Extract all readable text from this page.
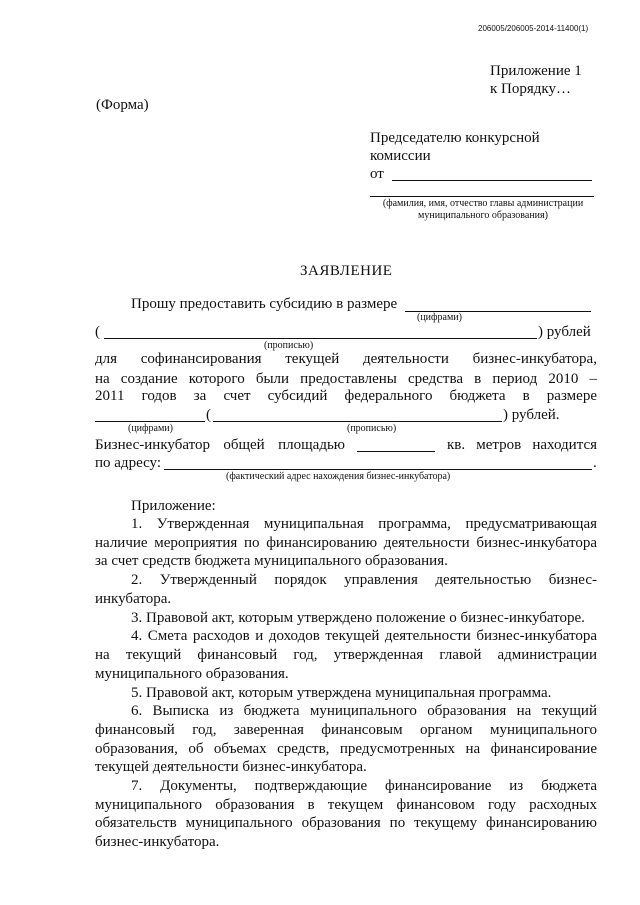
206005/206005-2014-11400(1)
Приложение 1
к Порядку…
(Форма)
Председателю конкурсной
комиссии
от
(фамилия, имя, отчество главы администрации
муниципального образования)
ЗАЯВЛЕНИЕ
Прошу предоставить субсидию в размере
(цифрами)
(	) рублей
(прописью)
для софинансирования текущей деятельности бизнес-инкубатора,
на создание которого были предоставлены средства в период 2010 –
2011 годов за счет субсидий федерального бюджета в размере
(	) рублей.
(цифрами)	(прописью)
Бизнес-инкубатор общей площадью	кв. метров находится
по адресу:	.
(фактический адрес нахождения бизнес-инкубатора)
Приложение:

1. Утвержденная муниципальная программа, предусматривающая наличие мероприятия по финансированию деятельности бизнес-инкубатора за счет средств бюджета муниципального образования.

2. Утвержденный порядок управления деятельностью бизнес-инкубатора.

3. Правовой акт, которым утверждено положение о бизнес-инкубаторе.

4. Смета расходов и доходов текущей деятельности бизнес-инкубатора на текущий финансовый год, утвержденная главой администрации муниципального образования.

5. Правовой акт, которым утверждена муниципальная программа.

6. Выписка из бюджета муниципального образования на текущий финансовый год, заверенная финансовым органом муниципального образования, об объемах средств, предусмотренных на финансирование текущей деятельности бизнес-инкубатора.

7. Документы, подтверждающие финансирование из бюджета муниципального образования в текущем финансовом году расходных обязательств муниципального образования по текущему финансированию бизнес-инкубатора.
